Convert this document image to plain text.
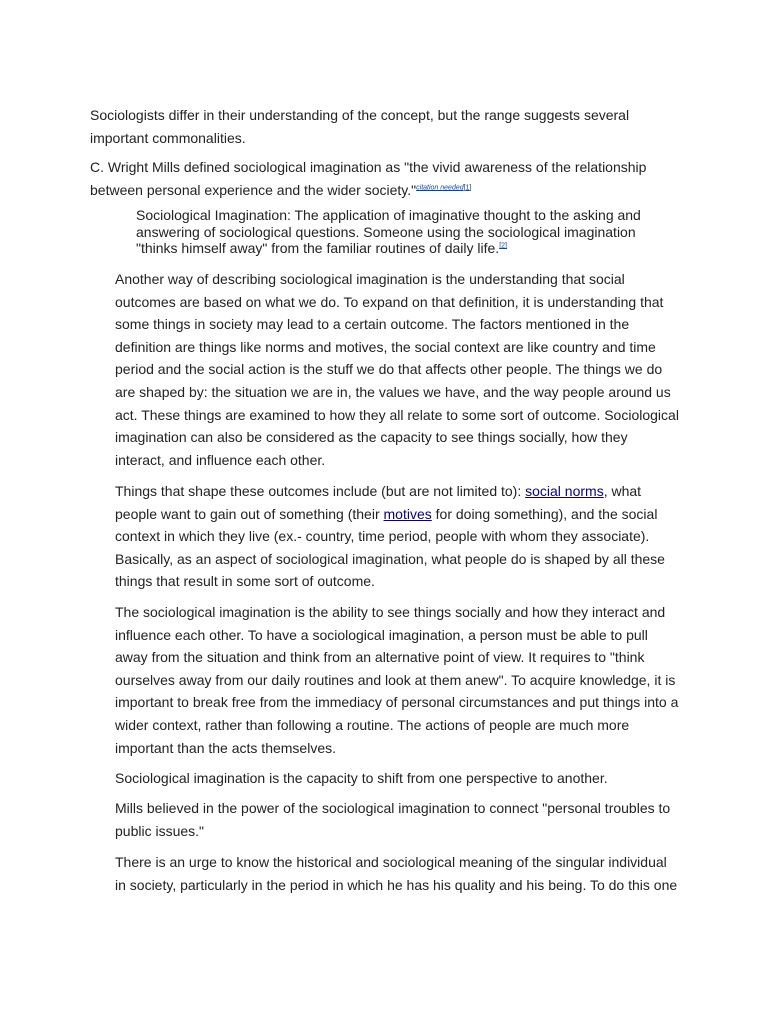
Sociologists differ in their understanding of the concept, but the range suggests several important commonalities.

C. Wright Mills defined sociological imagination as "the vivid awareness of the relationship between personal experience and the wider society."$^{citation needed[1]}$

Sociological Imagination: The application of imaginative thought to the asking and answering of sociological questions. Someone using the sociological imagination "thinks himself away" from the familiar routines of daily life.[2]

Another way of describing sociological imagination is the understanding that social outcomes are based on what we do. To expand on that definition, it is understanding that some things in society may lead to a certain outcome. The factors mentioned in the definition are things like norms and motives, the social context are like country and time period and the social action is the stuff we do that affects other people. The things we do are shaped by: the situation we are in, the values we have, and the way people around us act. These things are examined to how they all relate to some sort of outcome. Sociological imagination can also be considered as the capacity to see things socially, how they interact, and influence each other.

Things that shape these outcomes include (but are not limited to): social norms, what people want to gain out of something (their motives for doing something), and the social context in which they live (ex.- country, time period, people with whom they associate). Basically, as an aspect of sociological imagination, what people do is shaped by all these things that result in some sort of outcome.

The sociological imagination is the ability to see things socially and how they interact and influence each other. To have a sociological imagination, a person must be able to pull away from the situation and think from an alternative point of view. It requires to "think ourselves away from our daily routines and look at them anew". To acquire knowledge, it is important to break free from the immediacy of personal circumstances and put things into a wider context, rather than following a routine. The actions of people are much more important than the acts themselves.

Sociological imagination is the capacity to shift from one perspective to another.

Mills believed in the power of the sociological imagination to connect "personal troubles to public issues."

There is an urge to know the historical and sociological meaning of the singular individual in society, particularly in the period in which he has his quality and his being. To do this one
